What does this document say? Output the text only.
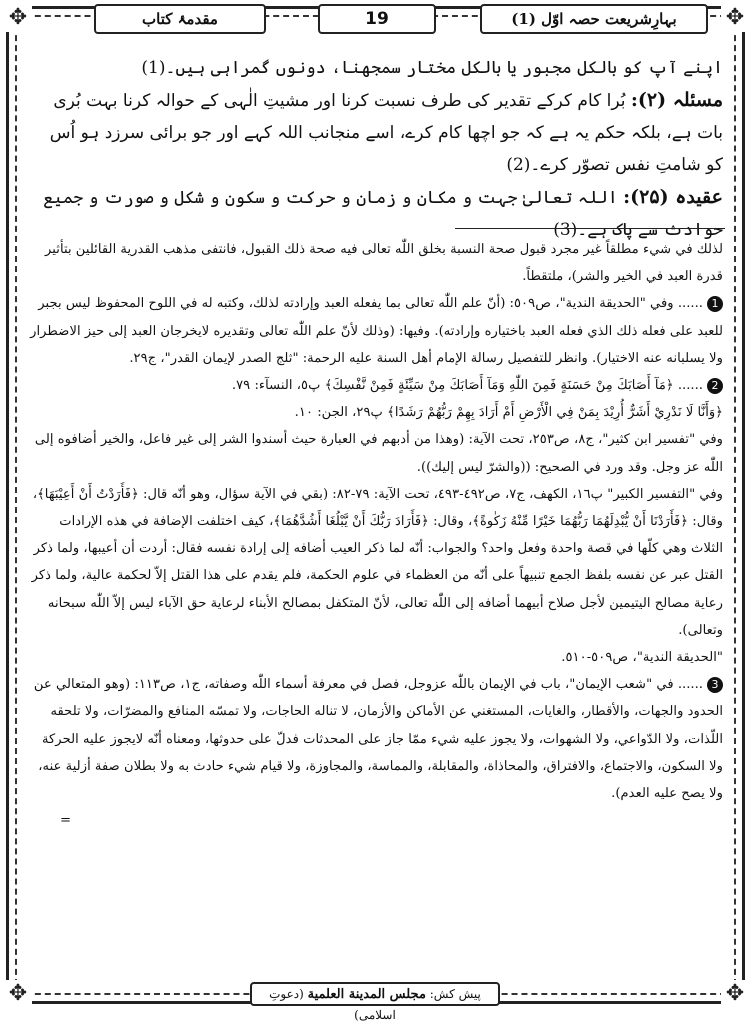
✥	✥
✥	✥
بہارِشریعت حصہ اوّل (1)
19
مقدمۂ کتاب
اپنے آپ کو بالکل مجبور یا بالکل مختار سمجھنا، دونوں گمراہی ہیں۔(1)
مسئلہ (۲): بُرا کام کرکے تقدیر کی طرف نسبت کرنا اور مشیتِ الٰہی کے حوالہ کرنا بہت بُری بات ہے، بلکہ حکم یہ ہے کہ جو اچھا کام کرے، اسے منجانب اللہ کہے اور جو برائی سرزد ہو اُس کو شامتِ نفس تصوّر کرے۔(2)
عقیدہ (۲۵): اللہ تعالیٰ جہت و مکان و زمان و حرکت و سکون و شکل و صورت و جمیع حوادث سے پاک ہے۔(3)

لذلك في شيء مطلقاً غير مجرد قبول صحة النسبة بخلق اللّٰه تعالى فيه صحة ذلك القبول، فانتفى مذهب القدرية القائلين بتأثير قدرة العبد في الخير والشر)، ملتقطاً.

1...... وفي "الحديقة الندية"، ص٥٠٩: (أنّ علم اللّٰه تعالى بما يفعله العبد وإرادته لذلك، وكتبه له في اللوح المحفوظ ليس بجبر للعبد على فعله ذلك الذي فعله العبد باختياره وإرادته). وفيها: (وذلك لأنّ علم اللّٰه تعالى وتقديره لايخرجان العبد إلى حيز الاضطرار ولا يسلبانه عنه الاختيار). وانظر للتفصيل رسالة الإمام أهل السنة عليه الرحمة: "ثلج الصدر لإيمان القدر"، ج٢٩.

2...... ﴿مَآ أَصَابَكَ مِنْ حَسَنَةٍ فَمِنَ اللّٰهِ وَمَآ أَصَابَكَ مِنْ سَيِّئَةٍ فَمِنْ نَّفْسِكَ﴾ پ٥، النسآء: ٧٩.

﴿وَأَنَّا لَا نَدْرِيْ أَشَرٌّ أُرِيْدَ بِمَنْ فِي الْأَرْضِ أَمْ أَرَادَ بِهِمْ رَبُّهُمْ رَشَدًا﴾ پ٢٩، الجن: ١٠.

وفي "تفسير ابن كثير"، ج٨، ص٢٥٣، تحت الآية: (وهذا من أدبهم في العبارة حيث أسندوا الشر إلى غير فاعل، والخير أضافوه إلى اللّٰه عز وجل. وقد ورد في الصحيح: ((والشرّ ليس إليك)).

وفي "التفسير الكبير" پ١٦، الكهف، ج٧، ص٤٩٢-٤٩٣، تحت الآية: ٧٩-٨٢: (بقي في الآية سؤال، وهو أنّه قال: ﴿فَأَرَدْتُ أَنْ أَعِيْبَهَا﴾، وقال: ﴿فَأَرَدْنَا أَنْ يُّبْدِلَهُمَا رَبُّهُمَا خَيْرًا مِّنْهُ زَكٰوةً﴾، وقال: ﴿فَأَرَادَ رَبُّكَ أَنْ يَّبْلُغَا أَشُدَّهُمَا﴾، كيف اختلفت الإضافة في هذه الإرادات الثلاث وهي كلّها في قصة واحدة وفعل واحد؟ والجواب: أنّه لما ذكر العيب أضافه إلى إرادة نفسه فقال: أردت أن أعيبها، ولما ذكر القتل عبر عن نفسه بلفظ الجمع تنبيهاً على أنّه من العظماء في علوم الحكمة، فلم يقدم على هذا القتل إلاّ لحكمة عالية، ولما ذكر رعاية مصالح اليتيمين لأجل صلاح أبيهما أضافه إلى اللّٰه تعالى، لأنّ المتكفل بمصالح الأبناء لرعاية حق الآباء ليس إلاّ اللّٰه سبحانه وتعالى).

"الحديقة الندية"، ص٥٠٩-٥١٠.

3...... في "شعب الإيمان"، باب في الإيمان باللّٰه عزوجل، فصل في معرفة أسماء اللّٰه وصفاته، ج١، ص١١٣: (وهو المتعالي عن الحدود والجهات، والأقطار، والغايات، المستغني عن الأماكن والأزمان، لا تناله الحاجات، ولا تمسّه المنافع والمضرّات، ولا تلحقه اللّذات، ولا الدّواعي، ولا الشهوات، ولا يجوز عليه شيء ممّا جاز على المحدثات فدلّ على حدوثها، ومعناه أنّه لايجوز عليه الحركة ولا السكون، والاجتماع، والافتراق، والمحاذاة، والمقابلة، والمماسة، والمجاوزة، ولا قيام شيء حادث به ولا بطلان صفة أزلية عنه، ولا يصح عليه العدم).

=

پیش کش: مجلس المدينة العلمية (دعوتِ اسلامی)
